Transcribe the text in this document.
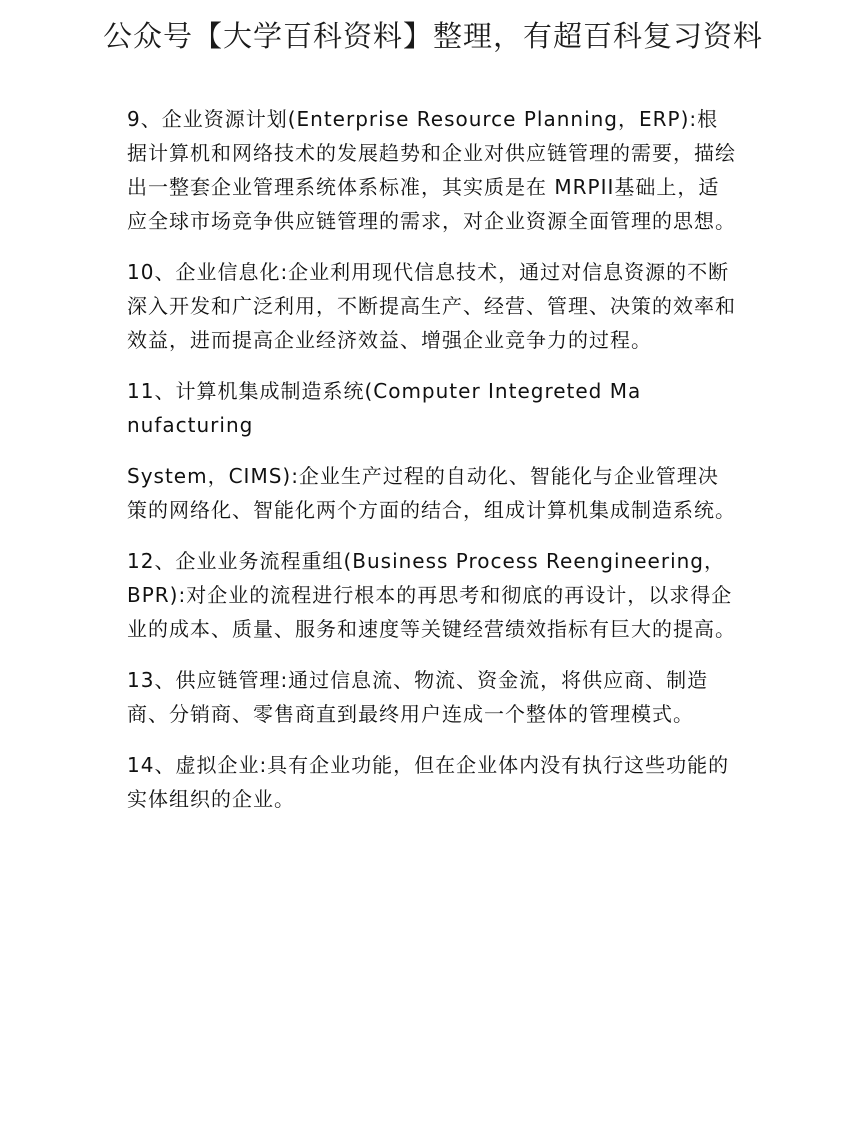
公众号【大学百科资料】整理，有超百科复习资料

9、企业资源计划(Enterprise Resource Planning，ERP):根据计算机和网络技术的发展趋势和企业对供应链管理的需要，描绘出一整套企业管理系统体系标准，其实质是在 MRPII基础上，适应全球市场竞争供应链管理的需求，对企业资源全面管理的思想。

10、企业信息化:企业利用现代信息技术，通过对信息资源的不断深入开发和广泛利用，不断提高生产、经营、管理、决策的效率和效益，进而提高企业经济效益、增强企业竞争力的过程。

11、计算机集成制造系统(Computer Integreted Manufacturing

System，CIMS):企业生产过程的自动化、智能化与企业管理决策的网络化、智能化两个方面的结合，组成计算机集成制造系统。

12、企业业务流程重组(Business Process Reengineering，BPR):对企业的流程进行根本的再思考和彻底的再设计，以求得企业的成本、质量、服务和速度等关键经营绩效指标有巨大的提高。

13、供应链管理:通过信息流、物流、资金流，将供应商、制造商、分销商、零售商直到最终用户连成一个整体的管理模式。

14、虚拟企业:具有企业功能，但在企业体内没有执行这些功能的实体组织的企业。
